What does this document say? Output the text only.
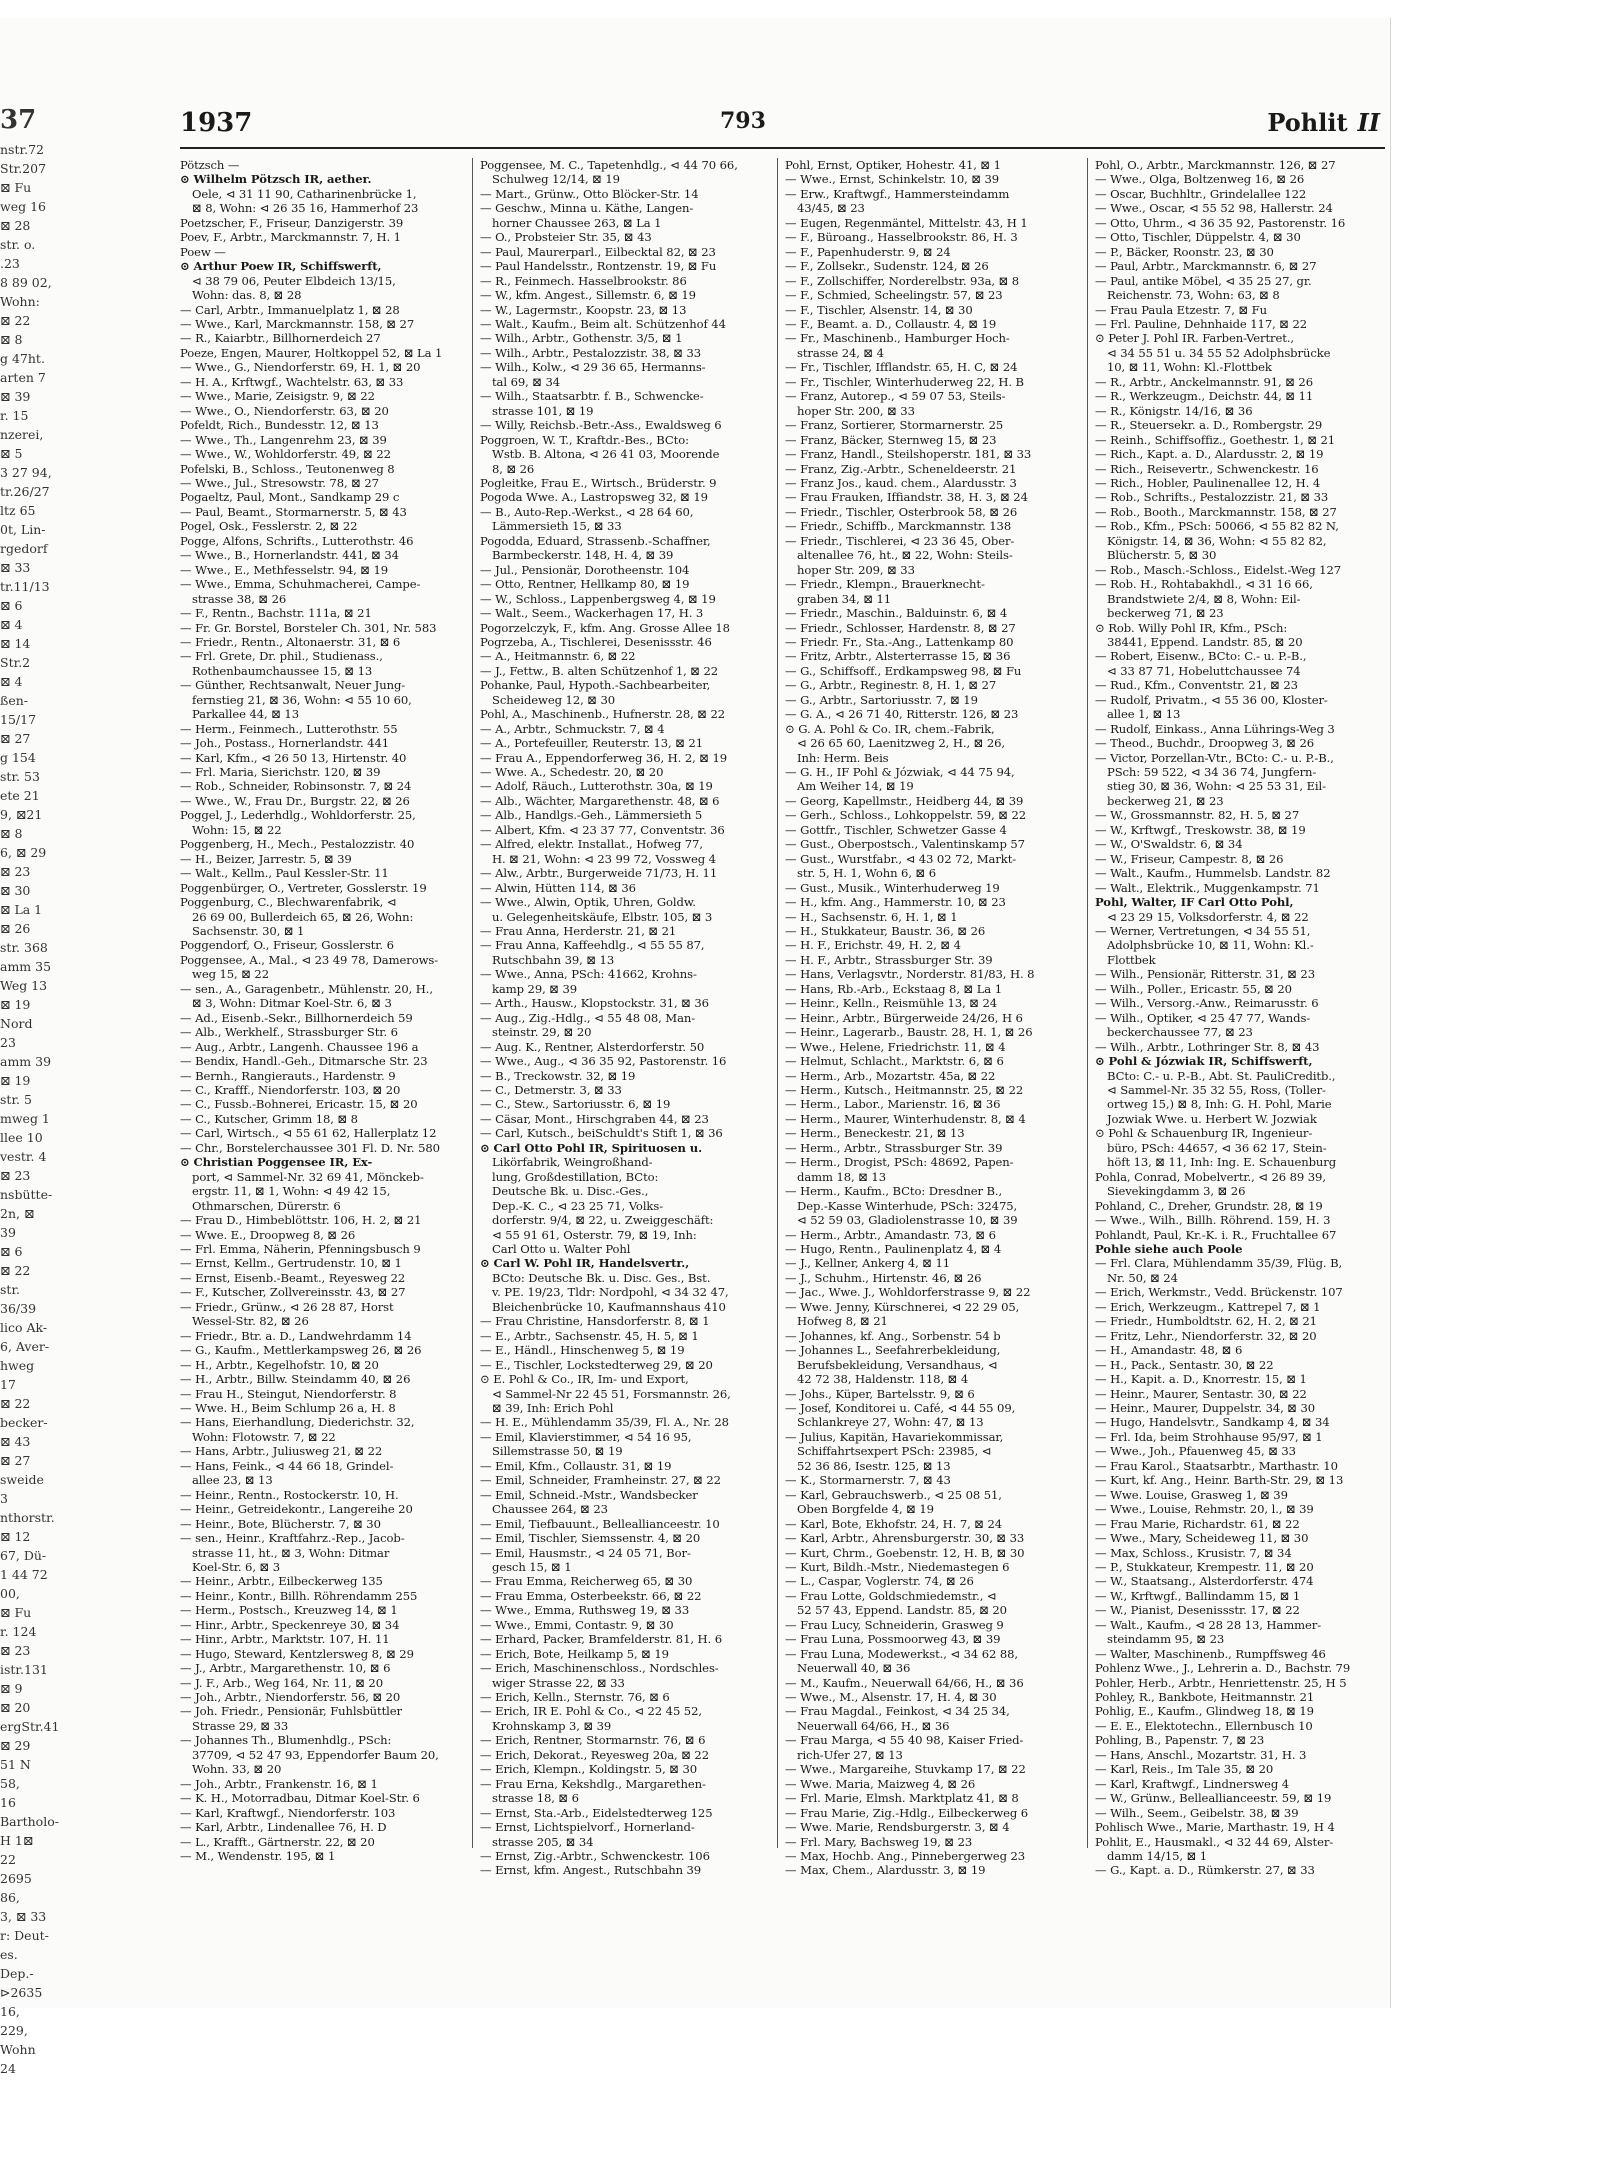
37
nstr.72
Str.207
⊠ Fu
weg 16
⊠ 28
str. o.
.23
8 89 02,
Wohn:
⊠ 22
⊠ 8
g 47ht.
arten 7
⊠ 39
r. 15
nzerei,
⊠ 5
3 27 94,
tr.26/27
ltz 65
0t, Lin-
rgedorf
⊠ 33
tr.11/13
⊠ 6
⊠ 4
⊠ 14
Str.2
⊠ 4
ßen-
15/17
⊠ 27
g 154
str. 53
ete 21
9, ⊠21
⊠ 8
6, ⊠ 29
⊠ 23
⊠ 30
⊠ La 1
⊠ 26
str. 368
amm 35
Weg 13
⊠ 19
Nord 23
amm 39
⊠ 19
str. 5
mweg 1
llee 10
vestr. 4
⊠ 23
nsbütte-
2n, ⊠ 39
⊠ 6
⊠ 22
str. 36/39
lico Ak-
6, Aver-
hweg 17
⊠ 22
becker-
⊠ 43
⊠ 27
sweide 3
nthorstr.
⊠ 12
67, Dü-
1 44 72 00,
⊠ Fu
r. 124
⊠ 23
istr.131
⊠ 9
⊠ 20
ergStr.41
⊠ 29
51 N 58,
16
Bartholo-
H 1⊠ 22
2695 86,
3, ⊠ 33
r: Deut-
es. Dep.-
⊳2635 16,
229, Wohn
24
1937	793	Pohlit II
Pötzsch —
⊙ Wilhelm Pötzsch IR, aether.
Oele, ⊲ 31 11 90, Catharinenbrücke 1,
⊠ 8, Wohn: ⊲ 26 35 16, Hammerhof 23
Poetzscher, F., Friseur, Danzigerstr. 39
Poev, F., Arbtr., Marckmannstr. 7, H. 1
Poew —
⊙ Arthur Poew IR, Schiffswerft,
⊲ 38 79 06, Peuter Elbdeich 13/15,
Wohn: das. 8, ⊠ 28
— Carl, Arbtr., Immanuelplatz 1, ⊠ 28
— Wwe., Karl, Marckmannstr. 158, ⊠ 27
— R., Kaiarbtr., Billhornerdeich 27
Poeze, Engen, Maurer, Holtkoppel 52, ⊠ La 1
— Wwe., G., Niendorferstr. 69, H. 1, ⊠ 20
— H. A., Krftwgf., Wachtelstr. 63, ⊠ 33
— Wwe., Marie, Zeisigstr. 9, ⊠ 22
— Wwe., O., Niendorferstr. 63, ⊠ 20
Pofeldt, Rich., Bundesstr. 12, ⊠ 13
— Wwe., Th., Langenrehm 23, ⊠ 39
— Wwe., W., Wohldorferstr. 49, ⊠ 22
Pofelski, B., Schloss., Teutonenweg 8
— Wwe., Jul., Stresowstr. 78, ⊠ 27
Pogaeltz, Paul, Mont., Sandkamp 29 c
— Paul, Beamt., Stormarnerstr. 5, ⊠ 43
Pogel, Osk., Fesslerstr. 2, ⊠ 22
Pogge, Alfons, Schrifts., Lutterothstr. 46
— Wwe., B., Hornerlandstr. 441, ⊠ 34
— Wwe., E., Methfesselstr. 94, ⊠ 19
— Wwe., Emma, Schuhmacherei, Campe-
strasse 38, ⊠ 26
— F., Rentn., Bachstr. 111a, ⊠ 21
— Fr. Gr. Borstel, Borsteler Ch. 301, Nr. 583
— Friedr., Rentn., Altonaerstr. 31, ⊠ 6
— Frl. Grete, Dr. phil., Studienass.,
Rothenbaumchaussee 15, ⊠ 13
— Günther, Rechtsanwalt, Neuer Jung-
fernstieg 21, ⊠ 36, Wohn: ⊲ 55 10 60,
Parkallee 44, ⊠ 13
— Herm., Feinmech., Lutterothstr. 55
— Joh., Postass., Hornerlandstr. 441
— Karl, Kfm., ⊲ 26 50 13, Hirtenstr. 40
— Frl. Maria, Sierichstr. 120, ⊠ 39
— Rob., Schneider, Robinsonstr. 7, ⊠ 24
— Wwe., W., Frau Dr., Burgstr. 22, ⊠ 26
Poggel, J., Lederhdlg., Wohldorferstr. 25,
Wohn: 15, ⊠ 22
Poggenberg, H., Mech., Pestalozzistr. 40
— H., Beizer, Jarrestr. 5, ⊠ 39
— Walt., Kellm., Paul Kessler-Str. 11
Poggenbürger, O., Vertreter, Gosslerstr. 19
Poggenburg, C., Blechwarenfabrik, ⊲
26 69 00, Bullerdeich 65, ⊠ 26, Wohn:
Sachsenstr. 30, ⊠ 1
Poggendorf, O., Friseur, Gosslerstr. 6
Poggensee, A., Mal., ⊲ 23 49 78, Damerows-
weg 15, ⊠ 22
— sen., A., Garagenbetr., Mühlenstr. 20, H.,
⊠ 3, Wohn: Ditmar Koel-Str. 6, ⊠ 3
— Ad., Eisenb.-Sekr., Billhornerdeich 59
— Alb., Werkhelf., Strassburger Str. 6
— Aug., Arbtr., Langenh. Chaussee 196 a
— Bendix, Handl.-Geh., Ditmarsche Str. 23
— Bernh., Rangierauts., Hardenstr. 9
— C., Krafff., Niendorferstr. 103, ⊠ 20
— C., Fussb.-Bohnerei, Ericastr. 15, ⊠ 20
— C., Kutscher, Grimm 18, ⊠ 8
— Carl, Wirtsch., ⊲ 55 61 62, Hallerplatz 12
— Chr., Borstelerchaussee 301 Fl. D. Nr. 580
⊙ Christian Poggensee IR, Ex-
port, ⊲ Sammel-Nr. 32 69 41, Mönckeb-
ergstr. 11, ⊠ 1, Wohn: ⊲ 49 42 15,
Othmarschen, Dürerstr. 6
— Frau D., Himbeblöttstr. 106, H. 2, ⊠ 21
— Wwe. E., Droopweg 8, ⊠ 26
— Frl. Emma, Näherin, Pfenningsbusch 9
— Ernst, Kellm., Gertrudenstr. 10, ⊠ 1
— Ernst, Eisenb.-Beamt., Reyesweg 22
— F., Kutscher, Zollvereinsstr. 43, ⊠ 27
— Friedr., Grünw., ⊲ 26 28 87, Horst
Wessel-Str. 82, ⊠ 26
— Friedr., Btr. a. D., Landwehrdamm 14
— G., Kaufm., Mettlerkampsweg 26, ⊠ 26
— H., Arbtr., Kegelhofstr. 10, ⊠ 20
— H., Arbtr., Billw. Steindamm 40, ⊠ 26
— Frau H., Steingut, Niendorferstr. 8
— Wwe. H., Beim Schlump 26 a, H. 8
— Hans, Eierhandlung, Diederichstr. 32,
Wohn: Flotowstr. 7, ⊠ 22
— Hans, Arbtr., Juliusweg 21, ⊠ 22
— Hans, Feink., ⊲ 44 66 18, Grindel-
allee 23, ⊠ 13
— Heinr., Rentn., Rostockerstr. 10, H.
— Heinr., Getreidekontr., Langereihe 20
— Heinr., Bote, Blücherstr. 7, ⊠ 30
— sen., Heinr., Kraftfahrz.-Rep., Jacob-
strasse 11, ht., ⊠ 3, Wohn: Ditmar
Koel-Str. 6, ⊠ 3
— Heinr., Arbtr., Eilbeckerweg 135
— Heinr., Kontr., Billh. Röhrendamm 255
— Herm., Postsch., Kreuzweg 14, ⊠ 1
— Hinr., Arbtr., Speckenreye 30, ⊠ 34
— Hinr., Arbtr., Marktstr. 107, H. 11
— Hugo, Steward, Kentzlersweg 8, ⊠ 29
— J., Arbtr., Margarethenstr. 10, ⊠ 6
— J. F., Arb., Weg 164, Nr. 11, ⊠ 20
— Joh., Arbtr., Niendorferstr. 56, ⊠ 20
— Joh. Friedr., Pensionär, Fuhlsbüttler
Strasse 29, ⊠ 33
— Johannes Th., Blumenhdlg., PSch:
37709, ⊲ 52 47 93, Eppendorfer Baum 20,
Wohn. 33, ⊠ 20
— Joh., Arbtr., Frankenstr. 16, ⊠ 1
— K. H., Motorradbau, Ditmar Koel-Str. 6
— Karl, Kraftwgf., Niendorferstr. 103
— Karl, Arbtr., Lindenallee 76, H. D
— L., Krafft., Gärtnerstr. 22, ⊠ 20
— M., Wendenstr. 195, ⊠ 1
Poggensee, M. C., Tapetenhdlg., ⊲ 44 70 66,
Schulweg 12/14, ⊠ 19
— Mart., Grünw., Otto Blöcker-Str. 14
— Geschw., Minna u. Käthe, Langen-
horner Chaussee 263, ⊠ La 1
— O., Probsteier Str. 35, ⊠ 43
— Paul, Maurerparl., Eilbecktal 82, ⊠ 23
— Paul Handelsstr., Rontzenstr. 19, ⊠ Fu
— R., Feinmech. Hasselbrookstr. 86
— W., kfm. Angest., Sillemstr. 6, ⊠ 19
— W., Lagermstr., Koopstr. 23, ⊠ 13
— Walt., Kaufm., Beim alt. Schützenhof 44
— Wilh., Arbtr., Gothenstr. 3/5, ⊠ 1
— Wilh., Arbtr., Pestalozzistr. 38, ⊠ 33
— Wilh., Kolw., ⊲ 29 36 65, Hermanns-
tal 69, ⊠ 34
— Wilh., Staatsarbtr. f. B., Schwencke-
strasse 101, ⊠ 19
— Willy, Reichsb.-Betr.-Ass., Ewaldsweg 6
Poggroen, W. T., Kraftdr.-Bes., BCto:
Wstb. B. Altona, ⊲ 26 41 03, Moorende
8, ⊠ 26
Pogleitke, Frau E., Wirtsch., Brüderstr. 9
Pogoda Wwe. A., Lastropsweg 32, ⊠ 19
— B., Auto-Rep.-Werkst., ⊲ 28 64 60,
Lämmersieth 15, ⊠ 33
Pogodda, Eduard, Strassenb.-Schaffner,
Barmbeckerstr. 148, H. 4, ⊠ 39
— Jul., Pensionär, Dorotheenstr. 104
— Otto, Rentner, Hellkamp 80, ⊠ 19
— W., Schloss., Lappenbergsweg 4, ⊠ 19
— Walt., Seem., Wackerhagen 17, H. 3
Pogorzelczyk, F., kfm. Ang. Grosse Allee 18
Pogrzeba, A., Tischlerei, Desenissstr. 46
— A., Heitmannstr. 6, ⊠ 22
— J., Fettw., B. alten Schützenhof 1, ⊠ 22
Pohanke, Paul, Hypoth.-Sachbearbeiter,
Scheideweg 12, ⊠ 30
Pohl, A., Maschinenb., Hufnerstr. 28, ⊠ 22
— A., Arbtr., Schmuckstr. 7, ⊠ 4
— A., Portefeuiller, Reuterstr. 13, ⊠ 21
— Frau A., Eppendorferweg 36, H. 2, ⊠ 19
— Wwe. A., Schedestr. 20, ⊠ 20
— Adolf, Räuch., Lutterothstr. 30a, ⊠ 19
— Alb., Wächter, Margarethenstr. 48, ⊠ 6
— Alb., Handlgs.-Geh., Lämmersieth 5
— Albert, Kfm. ⊲ 23 37 77, Conventstr. 36
— Alfred, elektr. Installat., Hofweg 77,
H. ⊠ 21, Wohn: ⊲ 23 99 72, Vossweg 4
— Alw., Arbtr., Burgerweide 71/73, H. 11
— Alwin, Hütten 114, ⊠ 36
— Wwe., Alwin, Optik, Uhren, Goldw.
u. Gelegenheitskäufe, Elbstr. 105, ⊠ 3
— Frau Anna, Herderstr. 21, ⊠ 21
— Frau Anna, Kaffeehdlg., ⊲ 55 55 87,
Rutschbahn 39, ⊠ 13
— Wwe., Anna, PSch: 41662, Krohns-
kamp 29, ⊠ 39
— Arth., Hausw., Klopstockstr. 31, ⊠ 36
— Aug., Zig.-Hdlg., ⊲ 55 48 08, Man-
steinstr. 29, ⊠ 20
— Aug. K., Rentner, Alsterdorferstr. 50
— Wwe., Aug., ⊲ 36 35 92, Pastorenstr. 16
— B., Treckowstr. 32, ⊠ 19
— C., Detmerstr. 3, ⊠ 33
— C., Stew., Sartoriusstr. 6, ⊠ 19
— Cäsar, Mont., Hirschgraben 44, ⊠ 23
— Carl, Kutsch., beiSchuldt's Stift 1, ⊠ 36
⊙ Carl Otto Pohl IR, Spirituosen u.
Likörfabrik, Weingroßhand-
lung, Großdestillation, BCto:
Deutsche Bk. u. Disc.-Ges.,
Dep.-K. C., ⊲ 23 25 71, Volks-
dorferstr. 9/4, ⊠ 22, u. Zweiggeschäft:
⊲ 55 91 61, Osterstr. 79, ⊠ 19, Inh:
Carl Otto u. Walter Pohl
⊙ Carl W. Pohl IR, Handelsvertr.,
BCto: Deutsche Bk. u. Disc. Ges., Bst.
v. PE. 19/23, Tldr: Nordpohl, ⊲ 34 32 47,
Bleichenbrücke 10, Kaufmannshaus 410
— Frau Christine, Hansdorferstr. 8, ⊠ 1
— E., Arbtr., Sachsenstr. 45, H. 5, ⊠ 1
— E., Händl., Hinschenweg 5, ⊠ 19
— E., Tischler, Lockstedterweg 29, ⊠ 20
⊙ E. Pohl & Co., IR, Im- und Export,
⊲ Sammel-Nr 22 45 51, Forsmannstr. 26,
⊠ 39, Inh: Erich Pohl
— H. E., Mühlendamm 35/39, Fl. A., Nr. 28
— Emil, Klavierstimmer, ⊲ 54 16 95,
Sillemstrasse 50, ⊠ 19
— Emil, Kfm., Collaustr. 31, ⊠ 19
— Emil, Schneider, Framheinstr. 27, ⊠ 22
— Emil, Schneid.-Mstr., Wandsbecker
Chaussee 264, ⊠ 23
— Emil, Tiefbauunt., Belleallianceestr. 10
— Emil, Tischler, Siemssenstr. 4, ⊠ 20
— Emil, Hausmstr., ⊲ 24 05 71, Bor-
gesch 15, ⊠ 1
— Frau Emma, Reicherweg 65, ⊠ 30
— Frau Emma, Osterbeekstr. 66, ⊠ 22
— Wwe., Emma, Ruthsweg 19, ⊠ 33
— Wwe., Emmi, Contastr. 9, ⊠ 30
— Erhard, Packer, Bramfelderstr. 81, H. 6
— Erich, Bote, Heilkamp 5, ⊠ 19
— Erich, Maschinenschloss., Nordschles-
wiger Strasse 22, ⊠ 33
— Erich, Kelln., Sternstr. 76, ⊠ 6
— Erich, IR E. Pohl & Co., ⊲ 22 45 52,
Krohnskamp 3, ⊠ 39
— Erich, Rentner, Stormarnstr. 76, ⊠ 6
— Erich, Dekorat., Reyesweg 20a, ⊠ 22
— Erich, Klempn., Koldingstr. 5, ⊠ 30
— Frau Erna, Kekshdlg., Margarethen-
strasse 18, ⊠ 6
— Ernst, Sta.-Arb., Eidelstedterweg 125
— Ernst, Lichtspielvorf., Hornerland-
strasse 205, ⊠ 34
— Ernst, Zig.-Arbtr., Schwenckestr. 106
— Ernst, kfm. Angest., Rutschbahn 39
Pohl, Ernst, Optiker, Hohestr. 41, ⊠ 1
— Wwe., Ernst, Schinkelstr. 10, ⊠ 39
— Erw., Kraftwgf., Hammersteindamm
43/45, ⊠ 23
— Eugen, Regenmäntel, Mittelstr. 43, H 1
— F., Büroang., Hasselbrookstr. 86, H. 3
— F., Papenhuderstr. 9, ⊠ 24
— F., Zollsekr., Sudenstr. 124, ⊠ 26
— F., Zollschiffer, Norderelbstr. 93a, ⊠ 8
— F., Schmied, Scheelingstr. 57, ⊠ 23
— F., Tischler, Alsenstr. 14, ⊠ 30
— F., Beamt. a. D., Collaustr. 4, ⊠ 19
— Fr., Maschinenb., Hamburger Hoch-
strasse 24, ⊠ 4
— Fr., Tischler, Ifflandstr. 65, H. C, ⊠ 24
— Fr., Tischler, Winterhuderweg 22, H. B
— Franz, Autorep., ⊲ 59 07 53, Steils-
hoper Str. 200, ⊠ 33
— Franz, Sortierer, Stormarnerstr. 25
— Franz, Bäcker, Sternweg 15, ⊠ 23
— Franz, Handl., Steilshoperstr. 181, ⊠ 33
— Franz, Zig.-Arbtr., Scheneldeerstr. 21
— Franz Jos., kaud. chem., Alardusstr. 3
— Frau Frauken, Iffiandstr. 38, H. 3, ⊠ 24
— Friedr., Tischler, Osterbrook 58, ⊠ 26
— Friedr., Schiffb., Marckmannstr. 138
— Friedr., Tischlerei, ⊲ 23 36 45, Ober-
altenallee 76, ht., ⊠ 22, Wohn: Steils-
hoper Str. 209, ⊠ 33
— Friedr., Klempn., Brauerknecht-
graben 34, ⊠ 11
— Friedr., Maschin., Balduinstr. 6, ⊠ 4
— Friedr., Schlosser, Hardenstr. 8, ⊠ 27
— Friedr. Fr., Sta.-Ang., Lattenkamp 80
— Fritz, Arbtr., Alsterterrasse 15, ⊠ 36
— G., Schiffsoff., Erdkampsweg 98, ⊠ Fu
— G., Arbtr., Reginestr. 8, H. 1, ⊠ 27
— G., Arbtr., Sartoriusstr. 7, ⊠ 19
— G. A., ⊲ 26 71 40, Ritterstr. 126, ⊠ 23
⊙ G. A. Pohl & Co. IR, chem.-Fabrik,
⊲ 26 65 60, Laenitzweg 2, H., ⊠ 26,
Inh: Herm. Beis
— G. H., IF Pohl & Józwiak, ⊲ 44 75 94,
Am Weiher 14, ⊠ 19
— Georg, Kapellmstr., Heidberg 44, ⊠ 39
— Gerh., Schloss., Lohkoppelstr. 59, ⊠ 22
— Gottfr., Tischler, Schwetzer Gasse 4
— Gust., Oberpostsch., Valentinskamp 57
— Gust., Wurstfabr., ⊲ 43 02 72, Markt-
str. 5, H. 1, Wohn 6, ⊠ 6
— Gust., Musik., Winterhuderweg 19
— H., kfm. Ang., Hammerstr. 10, ⊠ 23
— H., Sachsenstr. 6, H. 1, ⊠ 1
— H., Stukkateur, Baustr. 36, ⊠ 26
— H. F., Erichstr. 49, H. 2, ⊠ 4
— H. F., Arbtr., Strassburger Str. 39
— Hans, Verlagsvtr., Norderstr. 81/83, H. 8
— Hans, Rb.-Arb., Eckstaag 8, ⊠ La 1
— Heinr., Kelln., Reismühle 13, ⊠ 24
— Heinr., Arbtr., Bürgerweide 24/26, H 6
— Heinr., Lagerarb., Baustr. 28, H. 1, ⊠ 26
— Wwe., Helene, Friedrichstr. 11, ⊠ 4
— Helmut, Schlacht., Marktstr. 6, ⊠ 6
— Herm., Arb., Mozartstr. 45a, ⊠ 22
— Herm., Kutsch., Heitmannstr. 25, ⊠ 22
— Herm., Labor., Marienstr. 16, ⊠ 36
— Herm., Maurer, Winterhudenstr. 8, ⊠ 4
— Herm., Beneckestr. 21, ⊠ 13
— Herm., Arbtr., Strassburger Str. 39
— Herm., Drogist, PSch: 48692, Papen-
damm 18, ⊠ 13
— Herm., Kaufm., BCto: Dresdner B.,
Dep.-Kasse Winterhude, PSch: 32475,
⊲ 52 59 03, Gladiolenstrasse 10, ⊠ 39
— Herm., Arbtr., Amandastr. 73, ⊠ 6
— Hugo, Rentn., Paulinenplatz 4, ⊠ 4
— J., Kellner, Ankerg 4, ⊠ 11
— J., Schuhm., Hirtenstr. 46, ⊠ 26
— Jac., Wwe. J., Wohldorferstrasse 9, ⊠ 22
— Wwe. Jenny, Kürschnerei, ⊲ 22 29 05,
Hofweg 8, ⊠ 21
— Johannes, kf. Ang., Sorbenstr. 54 b
— Johannes L., Seefahrerbekleidung,
Berufsbekleidung, Versandhaus, ⊲
42 72 38, Haldenstr. 118, ⊠ 4
— Johs., Küper, Bartelsstr. 9, ⊠ 6
— Josef, Konditorei u. Café, ⊲ 44 55 09,
Schlankreye 27, Wohn: 47, ⊠ 13
— Julius, Kapitän, Havariekommissar,
Schiffahrtsexpert PSch: 23985, ⊲
52 36 86, Isestr. 125, ⊠ 13
— K., Stormarnerstr. 7, ⊠ 43
— Karl, Gebrauchswerb., ⊲ 25 08 51,
Oben Borgfelde 4, ⊠ 19
— Karl, Bote, Ekhofstr. 24, H. 7, ⊠ 24
— Karl, Arbtr., Ahrensburgerstr. 30, ⊠ 33
— Kurt, Chrm., Goebenstr. 12, H. B, ⊠ 30
— Kurt, Bildh.-Mstr., Niedemastegen 6
— L., Caspar, Voglerstr. 74, ⊠ 26
— Frau Lotte, Goldschmiedemstr., ⊲
52 57 43, Eppend. Landstr. 85, ⊠ 20
— Frau Lucy, Schneiderin, Grasweg 9
— Frau Luna, Possmoorweg 43, ⊠ 39
— Frau Luna, Modewerkst., ⊲ 34 62 88,
Neuerwall 40, ⊠ 36
— M., Kaufm., Neuerwall 64/66, H., ⊠ 36
— Wwe., M., Alsenstr. 17, H. 4, ⊠ 30
— Frau Magdal., Feinkost, ⊲ 34 25 34,
Neuerwall 64/66, H., ⊠ 36
— Frau Marga, ⊲ 55 40 98, Kaiser Fried-
rich-Ufer 27, ⊠ 13
— Wwe., Margareihe, Stuvkamp 17, ⊠ 22
— Wwe. Maria, Maizweg 4, ⊠ 26
— Frl. Marie, Elmsh. Marktplatz 41, ⊠ 8
— Frau Marie, Zig.-Hdlg., Eilbeckerweg 6
— Wwe. Marie, Rendsburgerstr. 3, ⊠ 4
— Frl. Mary, Bachsweg 19, ⊠ 23
— Max, Hochb. Ang., Pinnebergerweg 23
— Max, Chem., Alardusstr. 3, ⊠ 19
Pohl, O., Arbtr., Marckmannstr. 126, ⊠ 27
— Wwe., Olga, Boltzenweg 16, ⊠ 26
— Oscar, Buchhltr., Grindelallee 122
— Wwe., Oscar, ⊲ 55 52 98, Hallerstr. 24
— Otto, Uhrm., ⊲ 36 35 92, Pastorenstr. 16
— Otto, Tischler, Düppelstr. 4, ⊠ 30
— P., Bäcker, Roonstr. 23, ⊠ 30
— Paul, Arbtr., Marckmannstr. 6, ⊠ 27
— Paul, antike Möbel, ⊲ 35 25 27, gr.
Reichenstr. 73, Wohn: 63, ⊠ 8
— Frau Paula Etzestr. 7, ⊠ Fu
— Frl. Pauline, Dehnhaide 117, ⊠ 22
⊙ Peter J. Pohl IR. Farben-Vertret.,
⊲ 34 55 51 u. 34 55 52 Adolphsbrücke
10, ⊠ 11, Wohn: Kl.-Flottbek
— R., Arbtr., Anckelmannstr. 91, ⊠ 26
— R., Werkzeugm., Deichstr. 44, ⊠ 11
— R., Königstr. 14/16, ⊠ 36
— R., Steuersekr. a. D., Rombergstr. 29
— Reinh., Schiffsoffiz., Goethestr. 1, ⊠ 21
— Rich., Kapt. a. D., Alardusstr. 2, ⊠ 19
— Rich., Reisevertr., Schwenckestr. 16
— Rich., Hobler, Paulinenallee 12, H. 4
— Rob., Schrifts., Pestalozzistr. 21, ⊠ 33
— Rob., Booth., Marckmannstr. 158, ⊠ 27
— Rob., Kfm., PSch: 50066, ⊲ 55 82 82 N,
Königstr. 14, ⊠ 36, Wohn: ⊲ 55 82 82,
Blücherstr. 5, ⊠ 30
— Rob., Masch.-Schloss., Eidelst.-Weg 127
— Rob. H., Rohtabakhdl., ⊲ 31 16 66,
Brandstwiete 2/4, ⊠ 8, Wohn: Eil-
beckerweg 71, ⊠ 23
⊙ Rob. Willy Pohl IR, Kfm., PSch:
38441, Eppend. Landstr. 85, ⊠ 20
— Robert, Eisenw., BCto: C.- u. P.-B.,
⊲ 33 87 71, Hobeluttchaussee 74
— Rud., Kfm., Conventstr. 21, ⊠ 23
— Rudolf, Privatm., ⊲ 55 36 00, Kloster-
allee 1, ⊠ 13
— Rudolf, Einkass., Anna Lührings-Weg 3
— Theod., Buchdr., Droopweg 3, ⊠ 26
— Victor, Porzellan-Vtr., BCto: C.- u. P.-B.,
PSch: 59 522, ⊲ 34 36 74, Jungfern-
stieg 30, ⊠ 36, Wohn: ⊲ 25 53 31, Eil-
beckerweg 21, ⊠ 23
— W., Grossmannstr. 82, H. 5, ⊠ 27
— W., Krftwgf., Treskowstr. 38, ⊠ 19
— W., O'Swaldstr. 6, ⊠ 34
— W., Friseur, Campestr. 8, ⊠ 26
— Walt., Kaufm., Hummelsb. Landstr. 82
— Walt., Elektrik., Muggenkampstr. 71
Pohl, Walter, IF Carl Otto Pohl,
⊲ 23 29 15, Volksdorferstr. 4, ⊠ 22
— Werner, Vertretungen, ⊲ 34 55 51,
Adolphsbrücke 10, ⊠ 11, Wohn: Kl.-
Flottbek
— Wilh., Pensionär, Ritterstr. 31, ⊠ 23
— Wilh., Poller., Ericastr. 55, ⊠ 20
— Wilh., Versorg.-Anw., Reimarusstr. 6
— Wilh., Optiker, ⊲ 25 47 77, Wands-
beckerchaussee 77, ⊠ 23
— Wilh., Arbtr., Lothringer Str. 8, ⊠ 43
⊙ Pohl & Józwiak IR, Schiffswerft,
BCto: C.- u. P.-B., Abt. St. PauliCreditb.,
⊲ Sammel-Nr. 35 32 55, Ross, (Toller-
ortweg 15,) ⊠ 8, Inh: G. H. Pohl, Marie
Jozwiak Wwe. u. Herbert W. Jozwiak
⊙ Pohl & Schauenburg IR, Ingenieur-
büro, PSch: 44657, ⊲ 36 62 17, Stein-
höft 13, ⊠ 11, Inh: Ing. E. Schauenburg
Pohla, Conrad, Mobelvertr., ⊲ 26 89 39,
Sievekingdamm 3, ⊠ 26
Pohland, C., Dreher, Grundstr. 28, ⊠ 19
— Wwe., Wilh., Billh. Röhrend. 159, H. 3
Pohlandt, Paul, Kr.-K. i. R., Fruchtallee 67
Pohle siehe auch Poole
— Frl. Clara, Mühlendamm 35/39, Flüg. B,
Nr. 50, ⊠ 24
— Erich, Werkmstr., Vedd. Brückenstr. 107
— Erich, Werkzeugm., Kattrepel 7, ⊠ 1
— Friedr., Humboldtstr. 62, H. 2, ⊠ 21
— Fritz, Lehr., Niendorferstr. 32, ⊠ 20
— H., Amandastr. 48, ⊠ 6
— H., Pack., Sentastr. 30, ⊠ 22
— H., Kapit. a. D., Knorrestr. 15, ⊠ 1
— Heinr., Maurer, Sentastr. 30, ⊠ 22
— Heinr., Maurer, Duppelstr. 34, ⊠ 30
— Hugo, Handelsvtr., Sandkamp 4, ⊠ 34
— Frl. Ida, beim Strohhause 95/97, ⊠ 1
— Wwe., Joh., Pfauenweg 45, ⊠ 33
— Frau Karol., Staatsarbtr., Marthastr. 10
— Kurt, kf. Ang., Heinr. Barth-Str. 29, ⊠ 13
— Wwe. Louise, Grasweg 1, ⊠ 39
— Wwe., Louise, Rehmstr. 20, l., ⊠ 39
— Frau Marie, Richardstr. 61, ⊠ 22
— Wwe., Mary, Scheideweg 11, ⊠ 30
— Max, Schloss., Krusistr. 7, ⊠ 34
— P., Stukkateur, Krempestr. 11, ⊠ 20
— W., Staatsang., Alsterdorferstr. 474
— W., Krftwgf., Ballindamm 15, ⊠ 1
— W., Pianist, Desenissstr. 17, ⊠ 22
— Walt., Kaufm., ⊲ 28 28 13, Hammer-
steindamm 95, ⊠ 23
— Walter, Maschinenb., Rumpffsweg 46
Pohlenz Wwe., J., Lehrerin a. D., Bachstr. 79
Pohler, Herb., Arbtr., Henriettenstr. 25, H 5
Pohley, R., Bankbote, Heitmannstr. 21
Pohlig, E., Kaufm., Glindweg 18, ⊠ 19
— E. E., Elektotechn., Ellernbusch 10
Pohling, B., Papenstr. 7, ⊠ 23
— Hans, Anschl., Mozartstr. 31, H. 3
— Karl, Reis., Im Tale 35, ⊠ 20
— Karl, Kraftwgf., Lindnersweg 4
— W., Grünw., Belleallianceestr. 59, ⊠ 19
— Wilh., Seem., Geibelstr. 38, ⊠ 39
Pohlisch Wwe., Marie, Marthastr. 19, H 4
Pohlit, E., Hausmakl., ⊲ 32 44 69, Alster-
damm 14/15, ⊠ 1
— G., Kapt. a. D., Rümkerstr. 27, ⊠ 33
